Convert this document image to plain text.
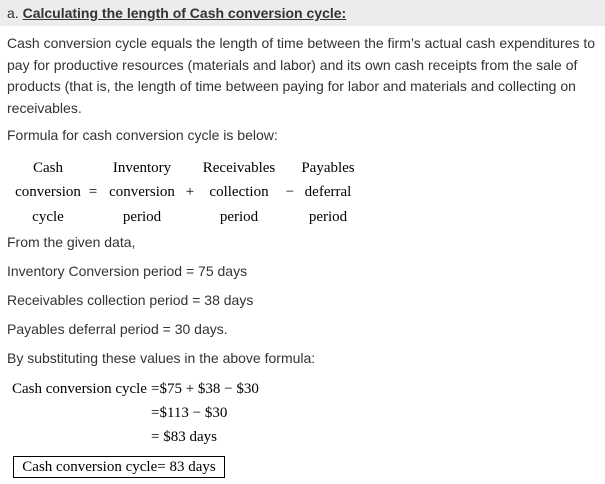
a. Calculating the length of Cash conversion cycle:
Cash conversion cycle equals the length of time between the firm’s actual cash expenditures to pay for productive resources (materials and labor) and its own cash receipts from the sale of products (that is, the length of time between paying for labor and materials and collecting on receivables.
Formula for cash conversion cycle is below:
Cash		Inventory		Receivables		Payables
conversion	=	conversion	+	collection	−	deferral
cycle		period		period		period
From the given data,
Inventory Conversion period = 75 days
Receivables collection period = 38 days
Payables deferral period = 30 days.
By substituting these values in the above formula:
Cash conversion cycle	=$75 + $38 − $30
	=$113 − $30
	= $83 days
Cash conversion cycle= 83 days
